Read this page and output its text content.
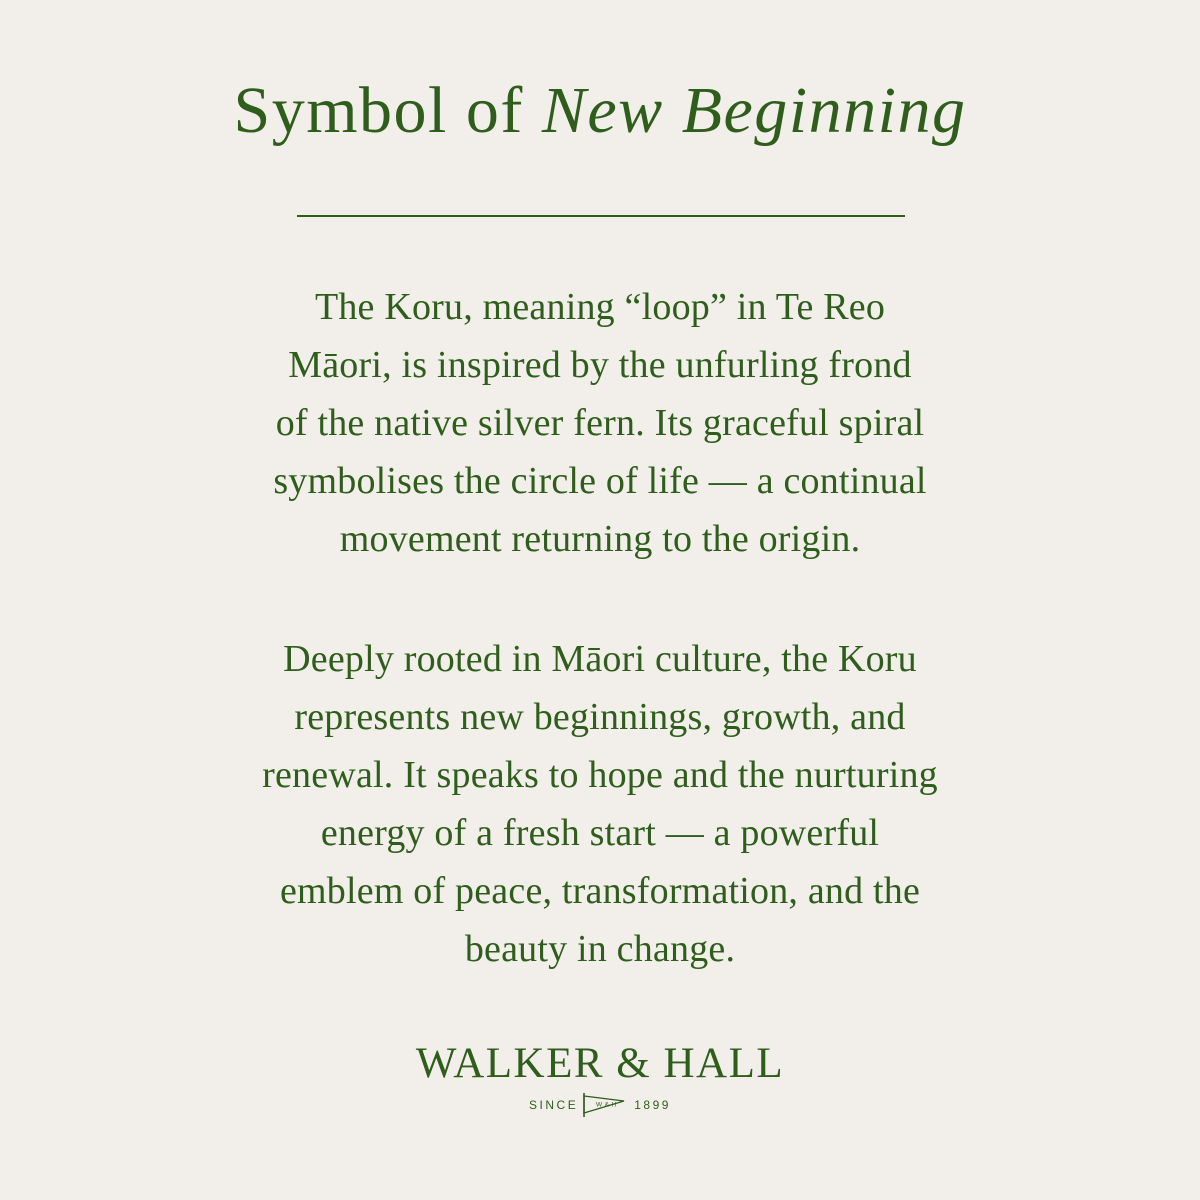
Symbol of New Beginning
The Koru, meaning “loop” in Te Reo
Māori, is inspired by the unfurling frond
of the native silver fern. Its graceful spiral
symbolises the circle of life — a continual
movement returning to the origin.
Deeply rooted in Māori culture, the Koru
represents new beginnings, growth, and
renewal. It speaks to hope and the nurturing
energy of a fresh start — a powerful
emblem of peace, transformation, and the
beauty in change.
WALKER & HALL
SINCE	W&H 1899
